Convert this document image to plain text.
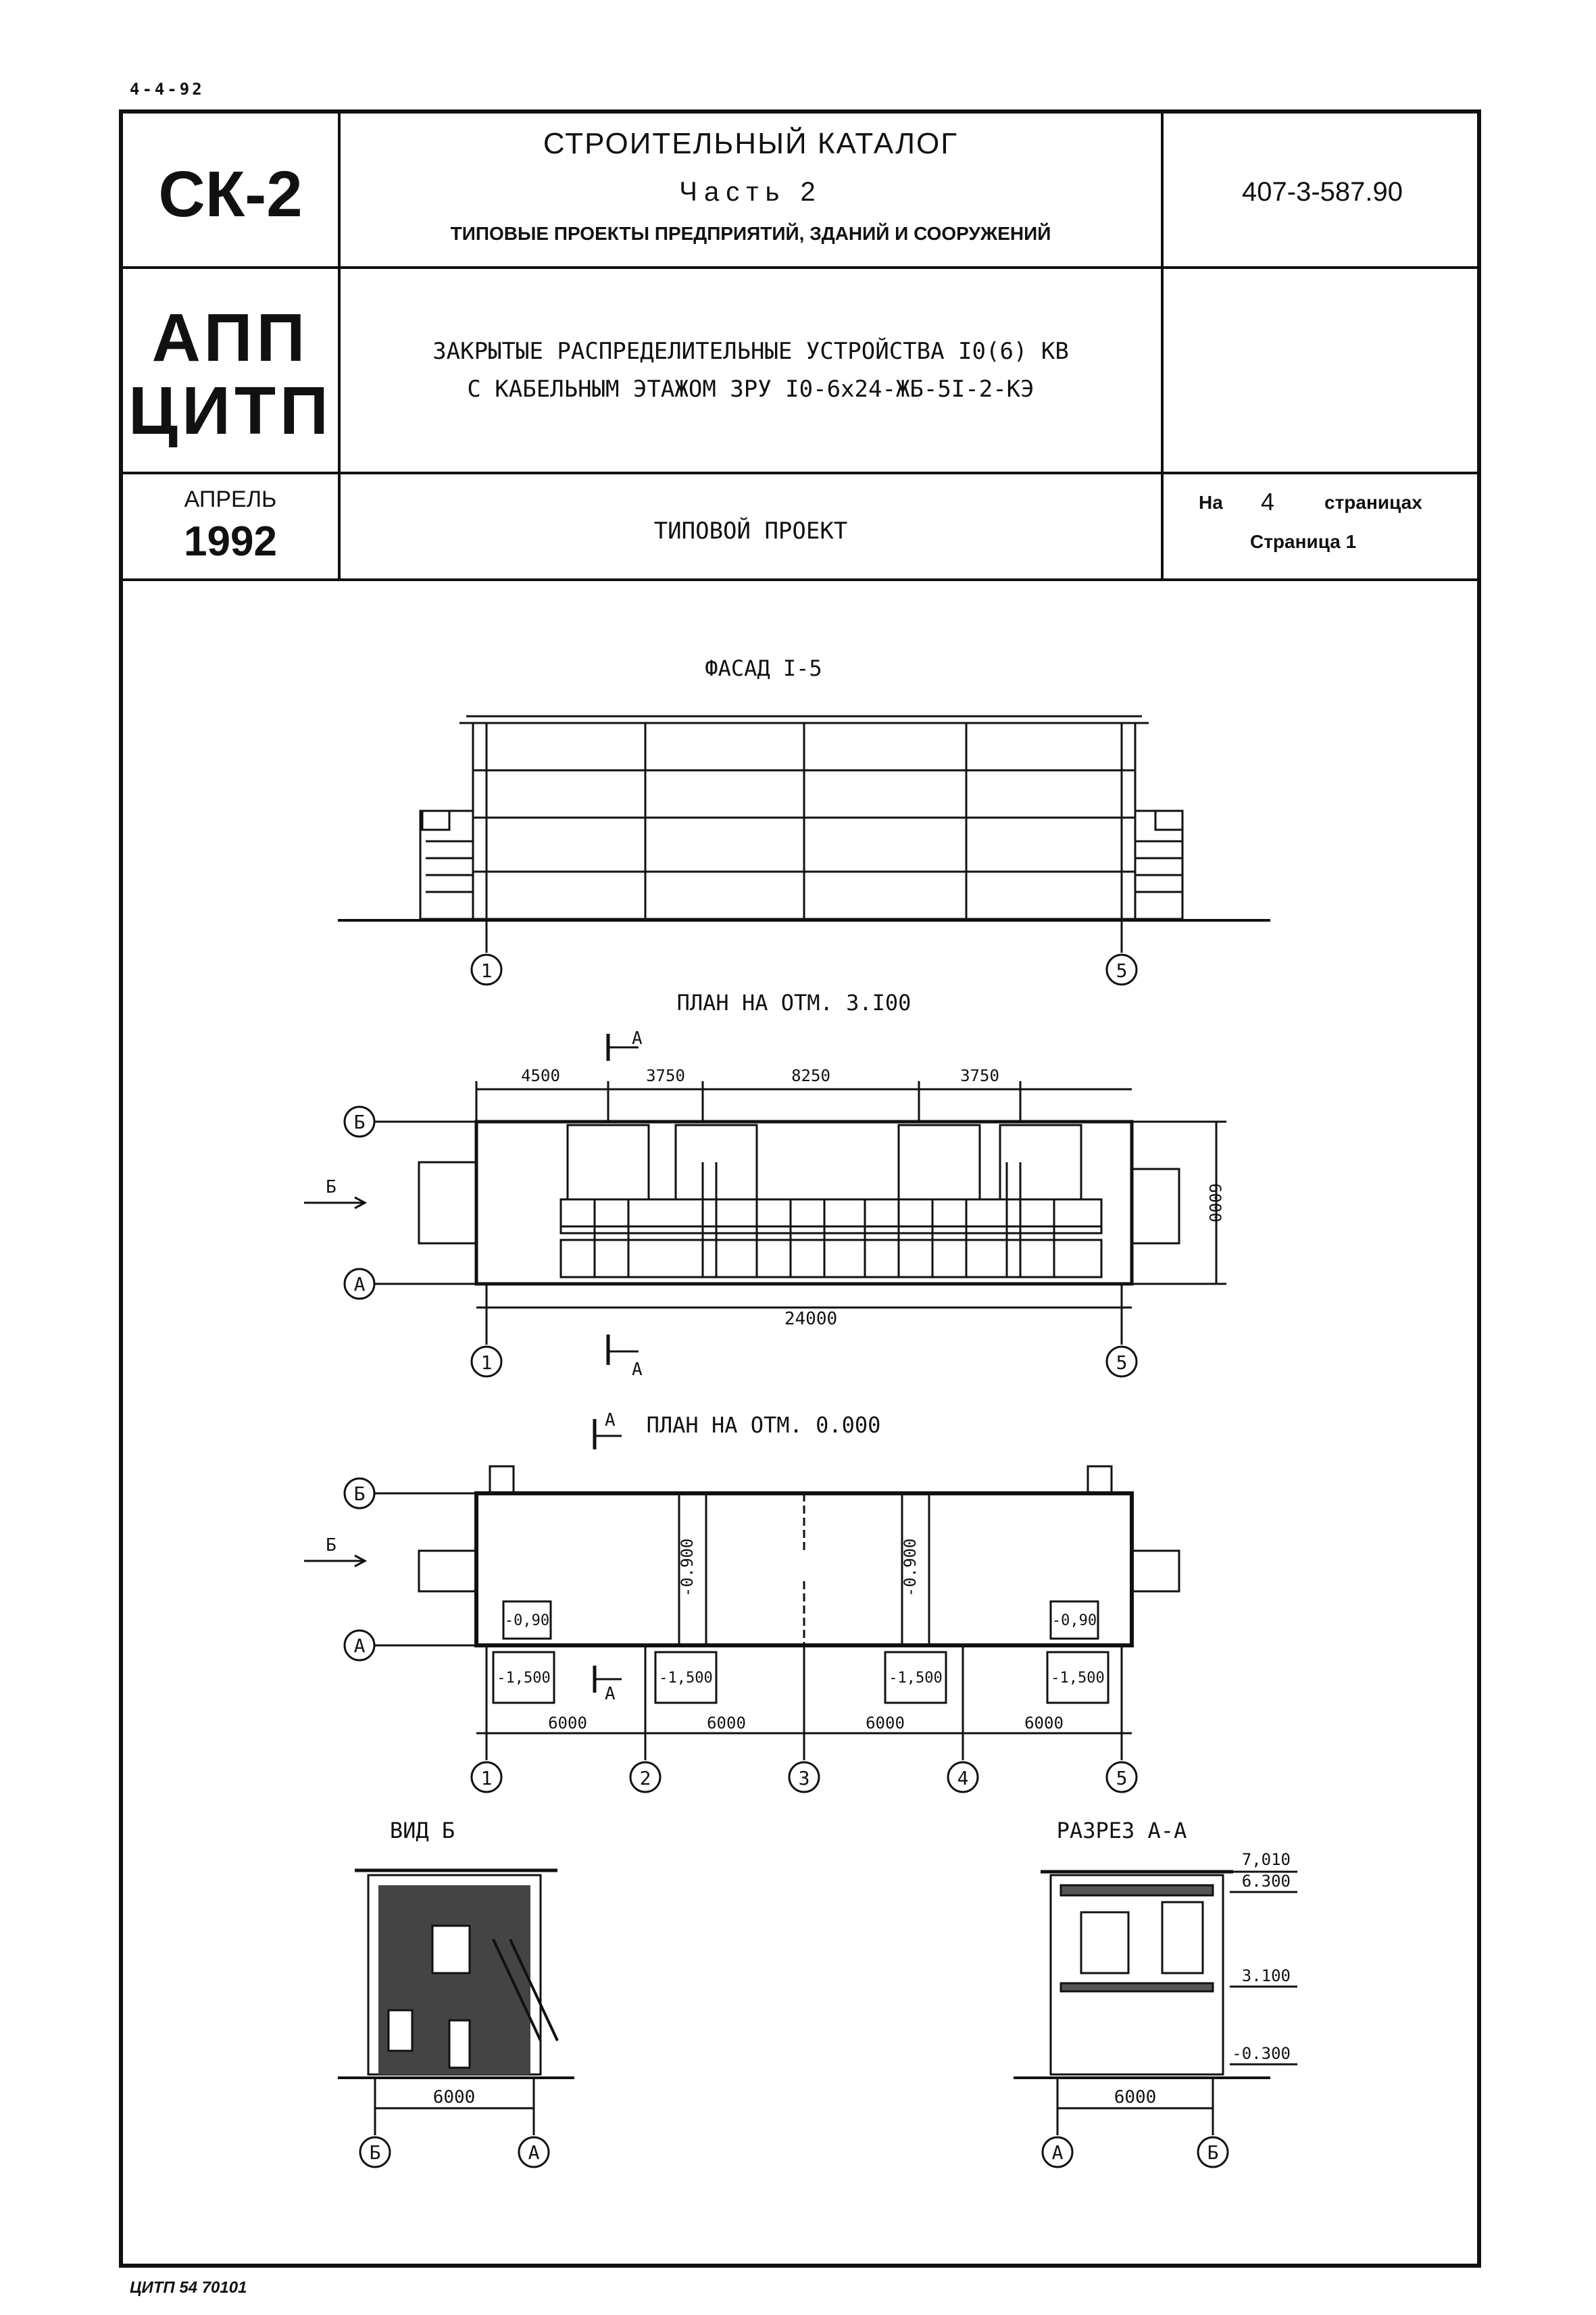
4-4-92
СК-2
СТРОИТЕЛЬНЫЙ КАТАЛОГ
Часть 2
ТИПОВЫЕ ПРОЕКТЫ ПРЕДПРИЯТИЙ, ЗДАНИЙ И СООРУЖЕНИЙ
407-3-587.90
АПП
ЦИТП
ЗАКРЫТЫЕ РАСПРЕДЕЛИТЕЛЬНЫЕ УСТРОЙСТВА I0(6) КВ
С КАБЕЛЬНЫМ ЭТАЖОМ ЗРУ I0-6х24-ЖБ-5I-2-КЭ
АПРЕЛЬ
1992	ТИПОВОЙ ПРОЕКТ
На 4	страницах
Страница 1
ФАСАД I-5
1	5
ПЛАН НА ОТМ. 3.I00
4500	3750	8250	3750
24000
6000
Б
А
1	5
А
А
Б
ПЛАН НА ОТМ. 0.000
А
А
Б
-0,90	-0,90
-1,500	-1,500	-1,500	-1,500
-0.900	-0.900
6000	6000	6000	6000
Б
А
1	2	3	4	5
ВИД Б
6000
Б	А
РАЗРЕЗ А-А
6000
7,010
6.300
3.100
-0.300
А	Б
ЦИТП 54 70101
